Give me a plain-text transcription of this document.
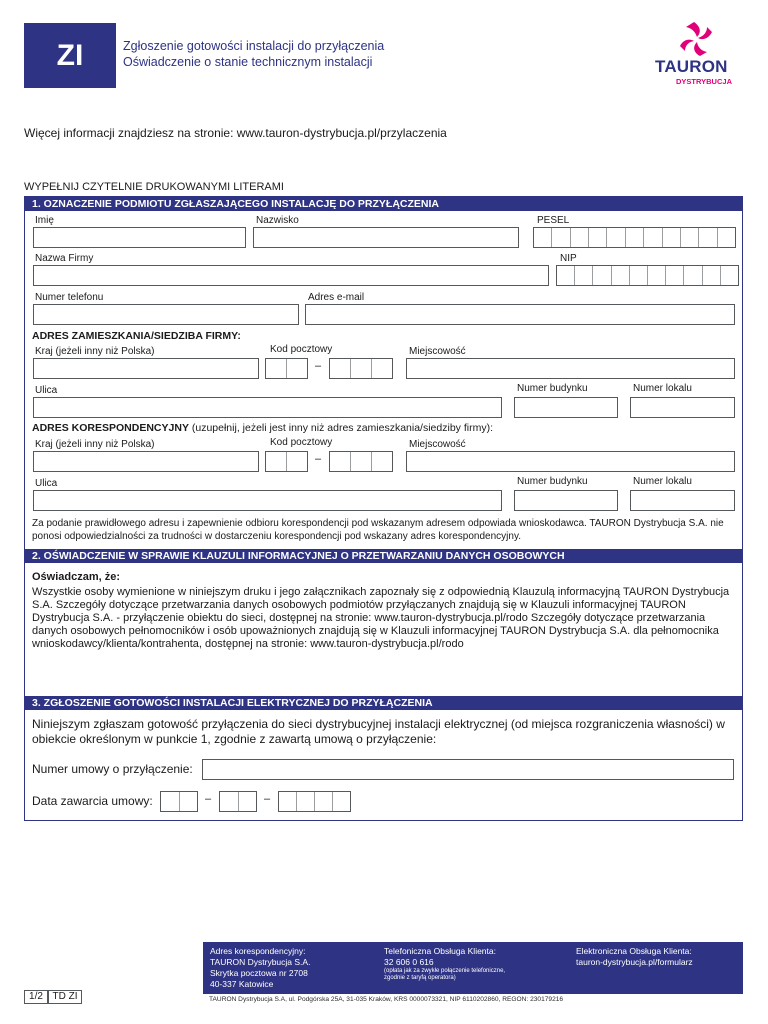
ZI	Zgłoszenie gotowości instalacji do przyłączenia
Oświadczenie o stanie technicznym instalacji	TAURON
DYSTRYBUCJA
Więcej informacji znajdziesz na stronie: www.tauron-dystrybucja.pl/przylaczenia
WYPEŁNIJ CZYTELNIE DRUKOWANYMI LITERAMI
1. OZNACZENIE PODMIOTU ZGŁASZAJĄCEGO INSTALACJĘ DO PRZYŁĄCZENIA
Imię	Nazwisko	PESEL
Nazwa Firmy	NIP
Numer telefonu	Adres e-mail
ADRES ZAMIESZKANIA/SIEDZIBA FIRMY:
Kraj (jeżeli inny niż Polska)	Kod pocztowy	Miejscowość
–
Ulica	Numer budynku	Numer lokalu
ADRES KORESPONDENCYJNY (uzupełnij, jeżeli jest inny niż adres zamieszkania/siedziby firmy):
Kraj (jeżeli inny niż Polska)	Kod pocztowy	Miejscowość
–
Ulica	Numer budynku	Numer lokalu
Za podanie prawidłowego adresu i zapewnienie odbioru korespondencji pod wskazanym adresem odpowiada wnioskodawca. TAURON Dystrybucja S.A. nie ponosi odpowiedzialności za trudności w dostarczeniu korespondencji pod wskazany adres korespondencyjny.
2. OŚWIADCZENIE W SPRAWIE KLAUZULI INFORMACYJNEJ O PRZETWARZANIU DANYCH OSOBOWYCH
Oświadczam, że:
Wszystkie osoby wymienione w niniejszym druku i jego załącznikach zapoznały się z odpowiednią Klauzulą informacyjną TAURON Dystrybucja S.A. Szczegóły dotyczące przetwarzania danych osobowych podmiotów przyłączanych znajdują się w Klauzuli informacyjnej TAURON Dystrybucja S.A. - przyłączenie obiektu do sieci, dostępnej na stronie: www.tauron-dystrybucja.pl/rodo Szczegóły dotyczące przetwarzania danych osobowych pełnomocników i osób upoważnionych znajdują się w Klauzuli informacyjnej TAURON Dystrybucja S.A. dla pełnomocnika wnioskodawcy/klienta/kontrahenta, dostępnej na stronie: www.tauron-dystrybucja.pl/rodo
3. ZGŁOSZENIE GOTOWOŚCI INSTALACJI ELEKTRYCZNEJ DO PRZYŁĄCZENIA
Niniejszym zgłaszam gotowość przyłączenia do sieci dystrybucyjnej instalacji elektrycznej (od miejsca rozgraniczenia własności) w obiekcie określonym w punkcie 1, zgodnie z zawartą umową o przyłączenie:
Numer umowy o przyłączenie:
Data zawarcia umowy:	–	–
Adres korespondencyjny:
TAURON Dystrybucja S.A.
Skrytka pocztowa nr 2708
40-337 Katowice
Telefoniczna Obsługa Klienta:
32 606 0 616
(opłata jak za zwykłe połączenie telefoniczne,
zgodnie z taryfą operatora)
Elektroniczna Obsługa Klienta:
tauron-dystrybucja.pl/formularz
TAURON Dystrybucja S.A, ul. Podgórska 25A, 31-035 Kraków, KRS 0000073321, NIP 6110202860, REGON: 230179216
1/2 TD ZI
